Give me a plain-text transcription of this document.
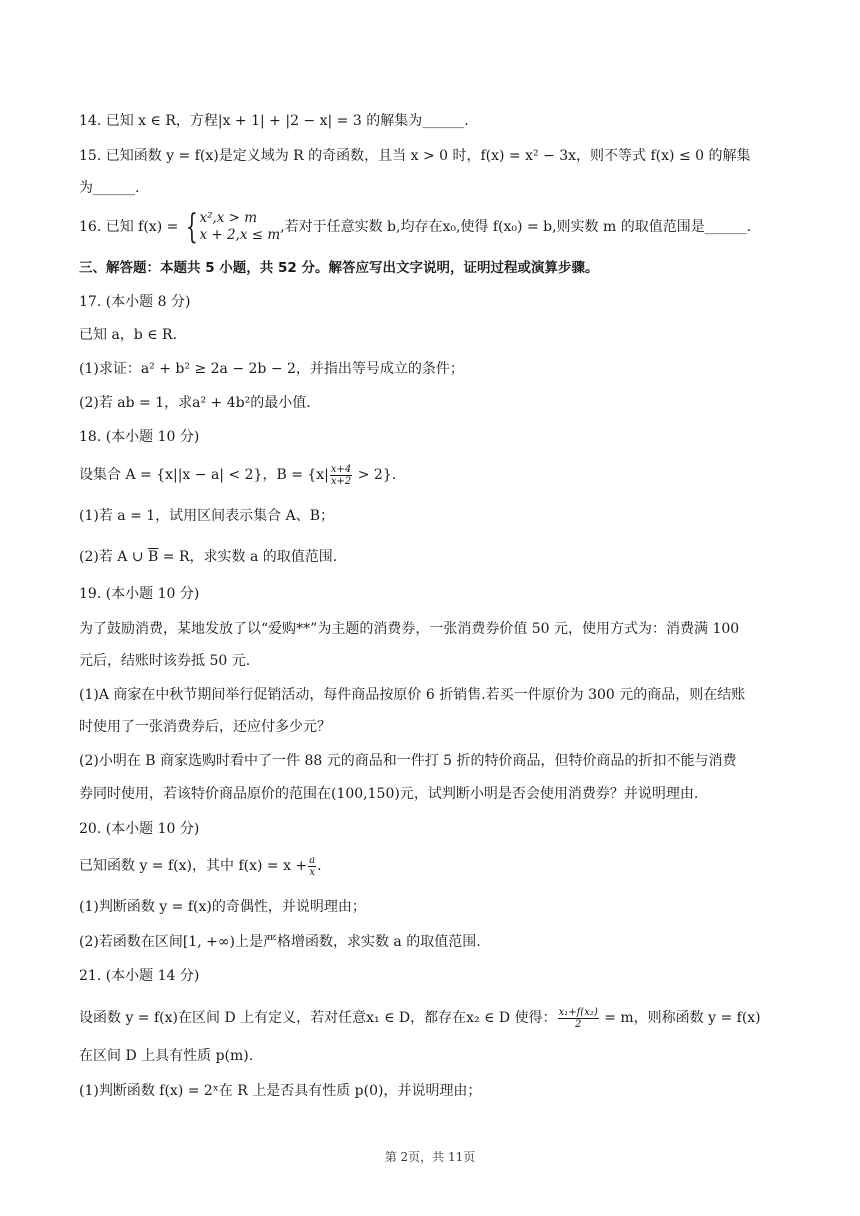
14. 已知 x ∈ R，方程|x + 1| + |2 − x| = 3 的解集为______.
15. 已知函数 y = f(x)是定义域为 R 的奇函数，且当 x > 0 时，f(x) = x² − 3x，则不等式 f(x) ≤ 0 的解集
为______.
16. 已知 f(x) = { x²,x > m
x + 2,x ≤ m ,若对于任意实数 b,均存在x₀,使得 f(x₀) = b,则实数 m 的取值范围是______.
三、解答题：本题共 5 小题，共 52 分。解答应写出文字说明，证明过程或演算步骤。
17. (本小题 8 分)
已知 a，b ∈ R.
(1)求证：a² + b² ≥ 2a − 2b − 2，并指出等号成立的条件；
(2)若 ab = 1，求a² + 4b²的最小值.
18. (本小题 10 分)
设集合 A = {x||x − a| < 2}，$B = \{x| \frac{x+4}{x+2} > 2\}$.
(1)若 a = 1，试用区间表示集合 A、B；
(2)若 A ∪ $\overline{B} = R$，求实数 a 的取值范围.
19. (本小题 10 分)
为了鼓励消费，某地发放了以“爱购**”为主题的消费券，一张消费券价值 50 元，使用方式为：消费满 100
元后，结账时该券抵 50 元.
(1)A 商家在中秋节期间举行促销活动，每件商品按原价 6 折销售.若买一件原价为 300 元的商品，则在结账
时使用了一张消费券后，还应付多少元？
(2)小明在 B 商家选购时看中了一件 88 元的商品和一件打 5 折的特价商品，但特价商品的折扣不能与消费
券同时使用，若该特价商品原价的范围在(100,150)元，试判断小明是否会使用消费券？并说明理由.
20. (本小题 10 分)
已知函数 y = f(x)，其中 $f(x) = x + \frac{a}{x}$ .
(1)判断函数 y = f(x)的奇偶性，并说明理由；
(2)若函数在区间[1, +∞)上是严格增函数，求实数 a 的取值范围.
21. (本小题 14 分)
设函数 y = f(x)在区间 D 上有定义，若对任意x₁ ∈ D，都存在x₂ ∈ D 使得： $\frac{\text{x₁+f(x₂)}}{2} = m$，则称函数 y = f(x)
在区间 D 上具有性质 p(m).
(1)判断函数 f(x) = 2ˣ在 R 上是否具有性质 p(0)，并说明理由；
第 2页，共 11页
